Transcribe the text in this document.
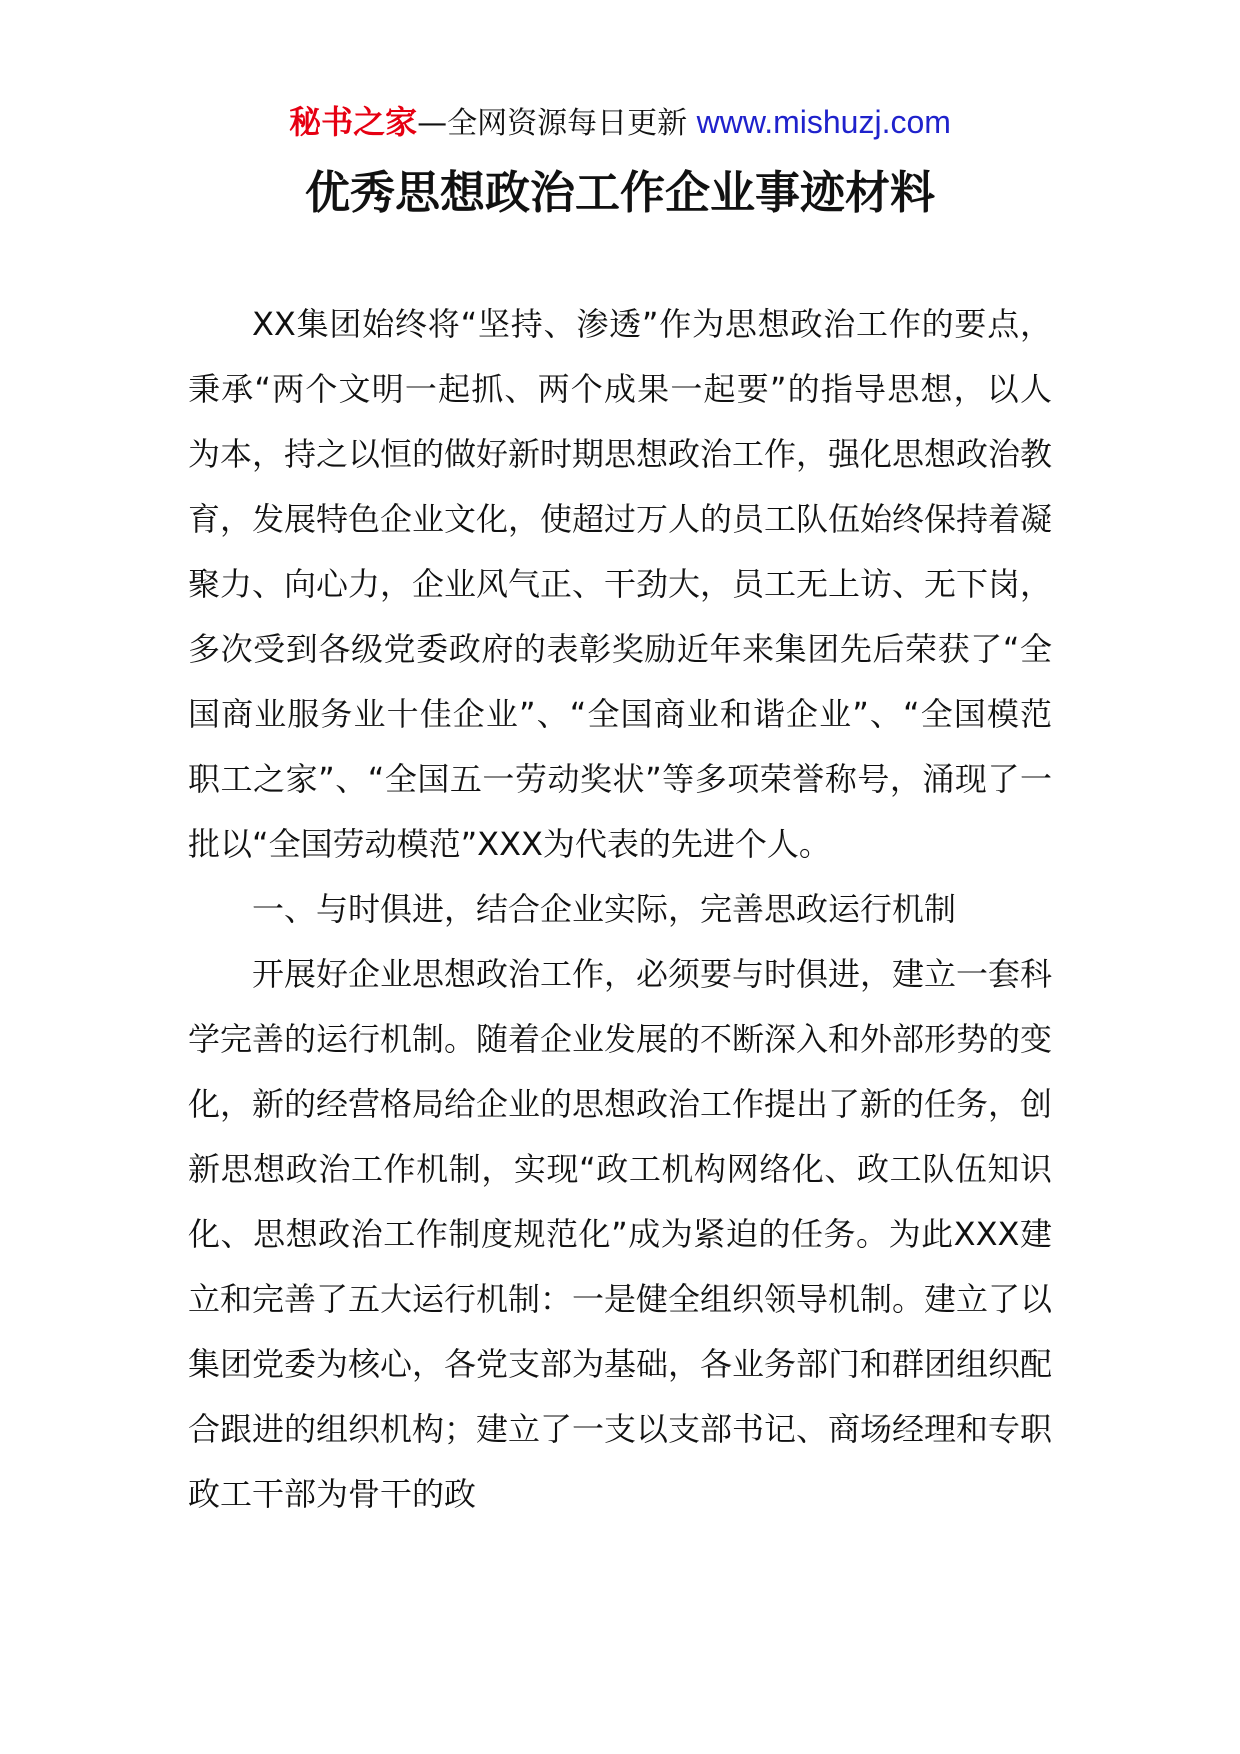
秘书之家—全网资源每日更新 www.mishuzj.com
优秀思想政治工作企业事迹材料

XX集团始终将“坚持、渗透”作为思想政治工作的要点，秉承“两个文明一起抓、两个成果一起要”的指导思想，以人为本，持之以恒的做好新时期思想政治工作，强化思想政治教育，发展特色企业文化，使超过万人的员工队伍始终保持着凝聚力、向心力，企业风气正、干劲大，员工无上访、无下岗，多次受到各级党委政府的表彰奖励近年来集团先后荣获了“全国商业服务业十佳企业”、“全国商业和谐企业”、“全国模范职工之家”、“全国五一劳动奖状”等多项荣誉称号，涌现了一批以“全国劳动模范”XXX为代表的先进个人。

一、与时俱进，结合企业实际，完善思政运行机制

开展好企业思想政治工作，必须要与时俱进，建立一套科学完善的运行机制。随着企业发展的不断深入和外部形势的变化，新的经营格局给企业的思想政治工作提出了新的任务，创新思想政治工作机制，实现“政工机构网络化、政工队伍知识化、思想政治工作制度规范化”成为紧迫的任务。为此XXX建立和完善了五大运行机制：一是健全组织领导机制。建立了以集团党委为核心，各党支部为基础，各业务部门和群团组织配合跟进的组织机构；建立了一支以支部书记、商场经理和专职政工干部为骨干的政
